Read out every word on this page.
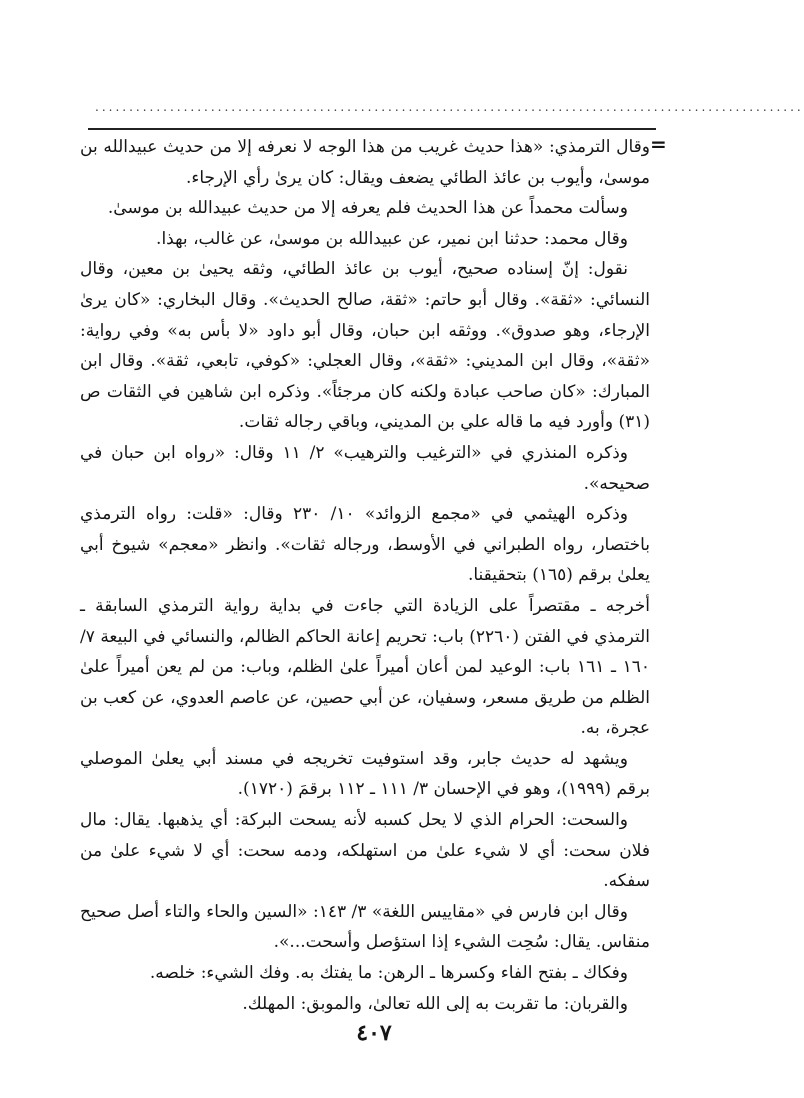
........................................................................................................
=

وقال الترمذي: «هذا حديث غريب من هذا الوجه لا نعرفه إلا من حديث عبيدالله بن موسىٰ، وأيوب بن عائذ الطائي يضعف ويقال: كان يرىٰ رأي الإرجاء.

وسألت محمداً عن هذا الحديث فلم يعرفه إلا من حديث عبيدالله بن موسىٰ.

وقال محمد: حدثنا ابن نمير، عن عبيدالله بن موسىٰ، عن غالب، بهذا.

نقول: إنّ إسناده صحيح، أيوب بن عائذ الطائي، وثقه يحيىٰ بن معين، وقال النسائي: «ثقة». وقال أبو حاتم: «ثقة، صالح الحديث». وقال البخاري: «كان يرىٰ الإرجاء، وهو صدوق». ووثقه ابن حبان، وقال أبو داود «لا بأس به» وفي رواية: «ثقة»، وقال ابن المديني: «ثقة»، وقال العجلي: «كوفي، تابعي، ثقة». وقال ابن المبارك: «كان صاحب عبادة ولكنه كان مرجئاً». وذكره ابن شاهين في الثقات ص (٣١) وأورد فيه ما قاله علي بن المديني، وباقي رجاله ثقات.

وذكره المنذري في «الترغيب والترهيب» ٢/ ١١ وقال: «رواه ابن حبان في صحيحه».

وذكره الهيثمي في «مجمع الزوائد» ١٠/ ٢٣٠ وقال: «قلت: رواه الترمذي باختصار، رواه الطبراني في الأوسط، ورجاله ثقات». وانظر «معجم» شيوخ أبي يعلىٰ برقم (١٦٥) بتحقيقنا.

أخرجه ـ مقتصراً على الزيادة التي جاءت في بداية رواية الترمذي السابقة ـ الترمذي في الفتن (٢٢٦٠) باب: تحريم إعانة الحاكم الظالم، والنسائي في البيعة ٧/ ١٦٠ ـ ١٦١ باب: الوعيد لمن أعان أميراً علىٰ الظلم، وباب: من لم يعن أميراً علىٰ الظلم من طريق مسعر، وسفيان، عن أبي حصين، عن عاصم العدوي، عن كعب بن عجرة، به.

ويشهد له حديث جابر، وقد استوفيت تخريجه في مسند أبي يعلىٰ الموصلي برقم (١٩٩٩)، وهو في الإحسان ٣/ ١١١ ـ ١١٢ برقمَ (١٧٢٠).

والسحت: الحرام الذي لا يحل كسبه لأنه يسحت البركة: أي يذهبها. يقال: مال فلان سحت: أي لا شيء علىٰ من استهلكه، ودمه سحت: أي لا شيء علىٰ من سفكه.

وقال ابن فارس في «مقاييس اللغة» ٣/ ١٤٣: «السين والحاء والتاء أصل صحيح منقاس. يقال: سُحِت الشيء إذا استؤصل وأسحت...».

وفكاك ـ بفتح الفاء وكسرها ـ الرهن: ما يفتك به. وفك الشيء: خلصه.

والقربان: ما تقربت به إلى الله تعالىٰ، والموبق: المهلك.

٤٠٧
